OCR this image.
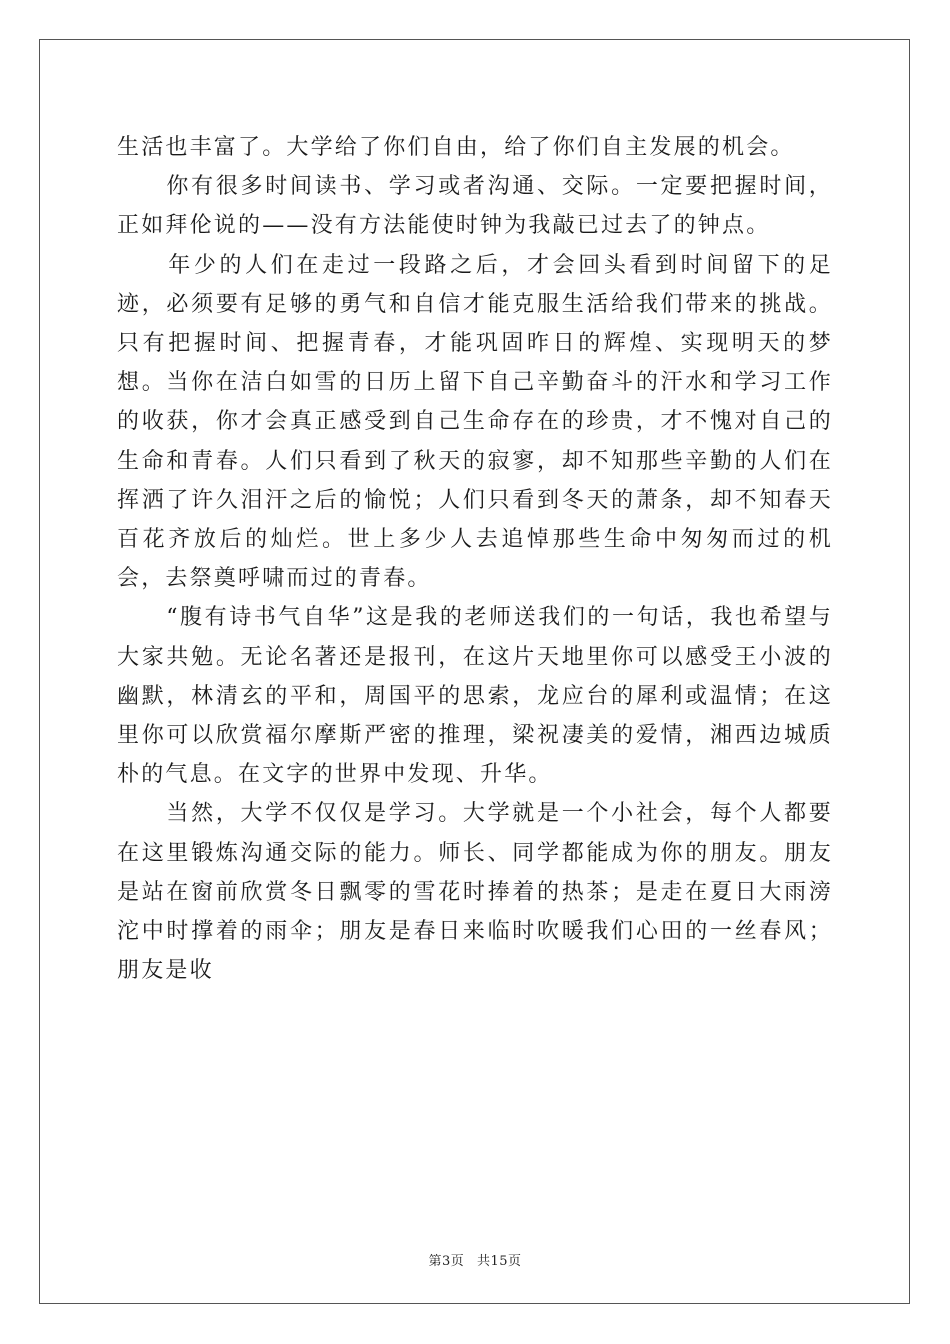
生活也丰富了。大学给了你们自由，给了你们自主发展的机会。

　　你有很多时间读书、学习或者沟通、交际。一定要把握时间，正如拜伦说的——没有方法能使时钟为我敲已过去了的钟点。

　　年少的人们在走过一段路之后，才会回头看到时间留下的足迹，必须要有足够的勇气和自信才能克服生活给我们带来的挑战。只有把握时间、把握青春，才能巩固昨日的辉煌、实现明天的梦想。当你在洁白如雪的日历上留下自己辛勤奋斗的汗水和学习工作的收获，你才会真正感受到自己生命存在的珍贵，才不愧对自己的生命和青春。人们只看到了秋天的寂寥，却不知那些辛勤的人们在挥洒了许久泪汗之后的愉悦；人们只看到冬天的萧条，却不知春天百花齐放后的灿烂。世上多少人去追悼那些生命中匆匆而过的机会，去祭奠呼啸而过的青春。

　　“腹有诗书气自华”这是我的老师送我们的一句话，我也希望与大家共勉。无论名著还是报刊，在这片天地里你可以感受王小波的幽默，林清玄的平和，周国平的思索，龙应台的犀利或温情；在这里你可以欣赏福尔摩斯严密的推理，梁祝凄美的爱情，湘西边城质朴的气息。在文字的世界中发现、升华。

　　当然，大学不仅仅是学习。大学就是一个小社会，每个人都要在这里锻炼沟通交际的能力。师长、同学都能成为你的朋友。朋友是站在窗前欣赏冬日飘零的雪花时捧着的热茶；是走在夏日大雨滂沱中时撑着的雨伞；朋友是春日来临时吹暖我们心田的一丝春风；朋友是收

第3页 共15页
